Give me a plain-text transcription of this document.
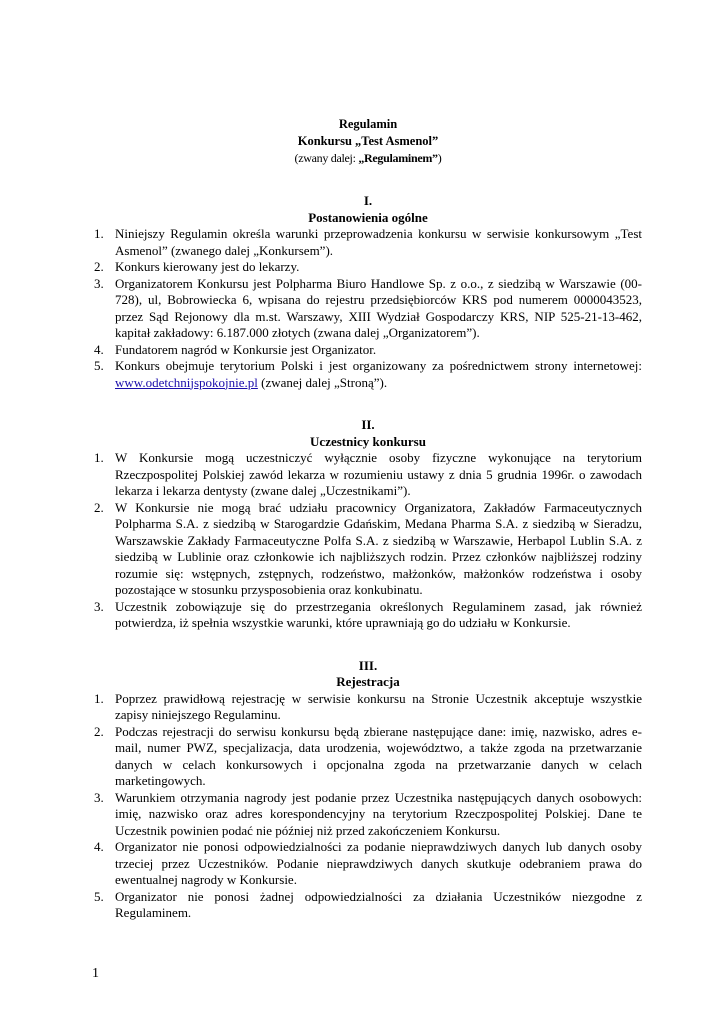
Regulamin
Konkursu „Test Asmenol”
(zwany dalej: „Regulaminem”)
I.
Postanowienia ogólne
1. Niniejszy Regulamin określa warunki przeprowadzenia konkursu w serwisie konkursowym „Test Asmenol” (zwanego dalej „Konkursem”).
2. Konkurs kierowany jest do lekarzy.
3. Organizatorem Konkursu jest Polpharma Biuro Handlowe Sp. z o.o., z siedzibą w Warszawie (00-728), ul, Bobrowiecka 6, wpisana do rejestru przedsiębiorców KRS pod numerem 0000043523, przez Sąd Rejonowy dla m.st. Warszawy, XIII Wydział Gospodarczy KRS, NIP 525-21-13-462, kapitał zakładowy: 6.187.000 złotych (zwana dalej „Organizatorem”).
4. Fundatorem nagród w Konkursie jest Organizator.
5. Konkurs obejmuje terytorium Polski i jest organizowany za pośrednictwem strony internetowej: www.odetchnijspokojnie.pl (zwanej dalej „Stroną”).
II.
Uczestnicy konkursu
1. W Konkursie mogą uczestniczyć wyłącznie osoby fizyczne wykonujące na terytorium Rzeczpospolitej Polskiej zawód lekarza w rozumieniu ustawy z dnia 5 grudnia 1996r. o zawodach lekarza i lekarza dentysty (zwane dalej „Uczestnikami”).
2. W Konkursie nie mogą brać udziału pracownicy Organizatora, Zakładów Farmaceutycznych Polpharma S.A. z siedzibą w Starogardzie Gdańskim, Medana Pharma S.A. z siedzibą w Sieradzu, Warszawskie Zakłady Farmaceutyczne Polfa S.A. z siedzibą w Warszawie, Herbapol Lublin S.A. z siedzibą w Lublinie oraz członkowie ich najbliższych rodzin. Przez członków najbliższej rodziny rozumie się: wstępnych, zstępnych, rodzeństwo, małżonków, małżonków rodzeństwa i osoby pozostające w stosunku przysposobienia oraz konkubinatu.
3. Uczestnik zobowiązuje się do przestrzegania określonych Regulaminem zasad, jak również potwierdza, iż spełnia wszystkie warunki, które uprawniają go do udziału w Konkursie.
III.
Rejestracja
1. Poprzez prawidłową rejestrację w serwisie konkursu na Stronie Uczestnik akceptuje wszystkie zapisy niniejszego Regulaminu.
2. Podczas rejestracji do serwisu konkursu będą zbierane następujące dane: imię, nazwisko, adres e-mail, numer PWZ, specjalizacja, data urodzenia, województwo, a także zgoda na przetwarzanie danych w celach konkursowych i opcjonalna zgoda na przetwarzanie danych w celach marketingowych.
3. Warunkiem otrzymania nagrody jest podanie przez Uczestnika następujących danych osobowych: imię, nazwisko oraz adres korespondencyjny na terytorium Rzeczpospolitej Polskiej. Dane te Uczestnik powinien podać nie później niż przed zakończeniem Konkursu.
4. Organizator nie ponosi odpowiedzialności za podanie nieprawdziwych danych lub danych osoby trzeciej przez Uczestników. Podanie nieprawdziwych danych skutkuje odebraniem prawa do ewentualnej nagrody w Konkursie.
5. Organizator nie ponosi żadnej odpowiedzialności za działania Uczestników niezgodne z Regulaminem.
1
